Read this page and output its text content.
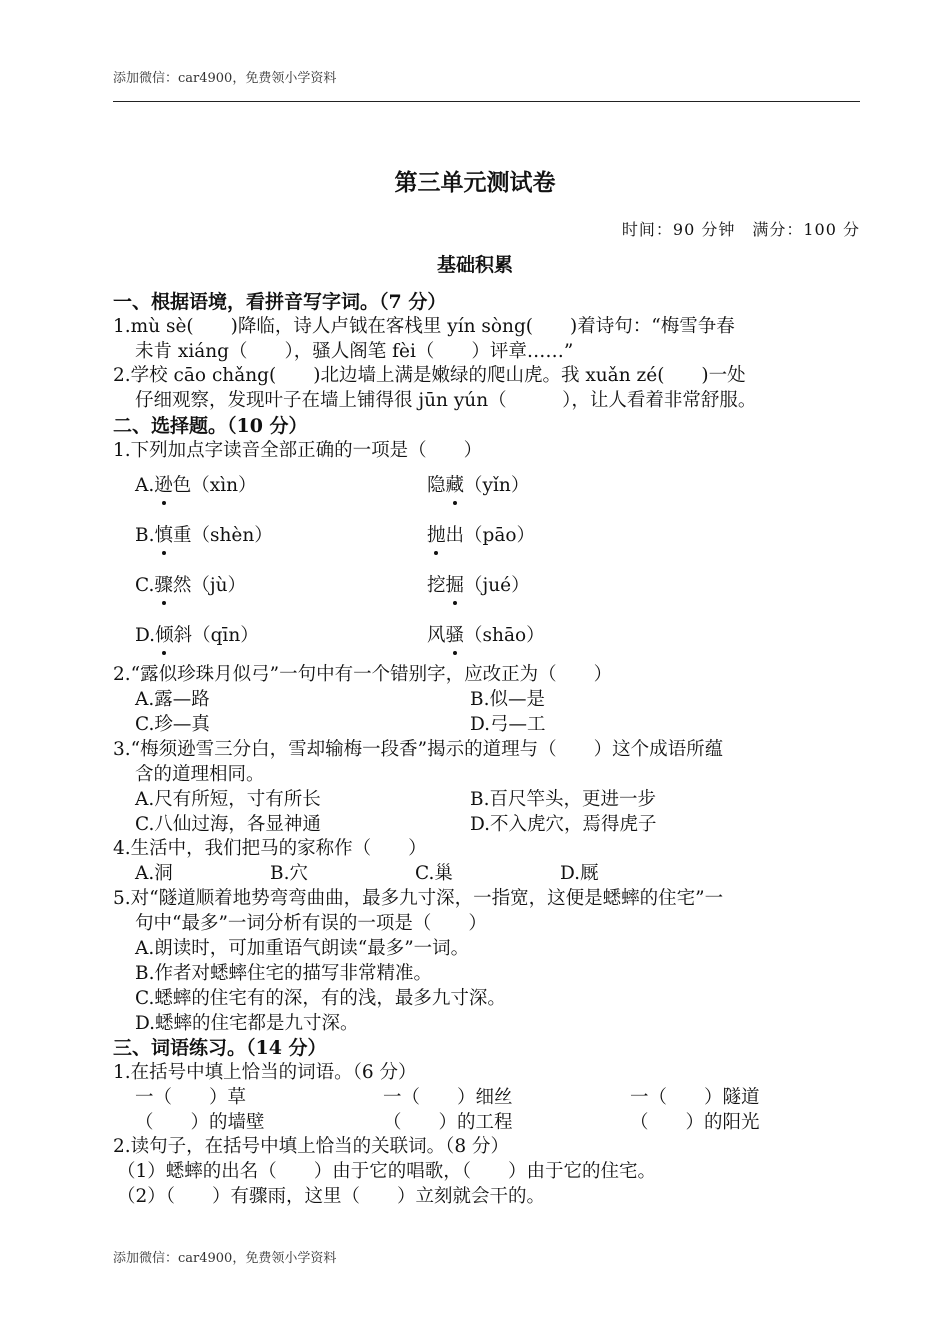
添加微信：car4900，免费领小学资料
第三单元测试卷
时间：90 分钟　满分：100 分
基础积累
一、根据语境，看拼音写字词。（7 分）
1.mù sè(　　)降临，诗人卢钺在客栈里 yín sòng(　　)着诗句：“梅雪争春
未肯 xiáng（　　），骚人阁笔 fèi（　　）评章……”
2.学校 cāo chǎng(　　)北边墙上满是嫩绿的爬山虎。我 xuǎn zé(　　)一处
仔细观察，发现叶子在墙上铺得很 jūn yún（　　　），让人看着非常舒服。
二、选择题。（10 分）
1.下列加点字读音全部正确的一项是（　　）
A.逊色（xìn）	隐藏（yǐn）
B.慎重（shèn）	抛出（pāo）
C.骤然（jù）	挖掘（jué）
D.倾斜（qīn）	风骚（shāo）
2.“露似珍珠月似弓”一句中有一个错别字，应改正为（　　）
A.露—路	B.似—是
C.珍—真	D.弓—工
3.“梅须逊雪三分白，雪却输梅一段香”揭示的道理与（　　）这个成语所蕴
含的道理相同。
A.尺有所短，寸有所长	B.百尺竿头，更进一步
C.八仙过海，各显神通	D.不入虎穴，焉得虎子
4.生活中，我们把马的家称作（　　）
A.洞	B.穴	C.巢	D.厩
5.对“隧道顺着地势弯弯曲曲，最多九寸深，一指宽，这便是蟋蟀的住宅”一
句中“最多”一词分析有误的一项是（　　）
A.朗读时，可加重语气朗读“最多”一词。
B.作者对蟋蟀住宅的描写非常精准。
C.蟋蟀的住宅有的深，有的浅，最多九寸深。
D.蟋蟀的住宅都是九寸深。
三、词语练习。（14 分）
1.在括号中填上恰当的词语。（6 分）
一（　　）草	一（　　）细丝	一（　　）隧道
（　　）的墙壁	（　　）的工程	（　　）的阳光
2.读句子，在括号中填上恰当的关联词。（8 分）
（1）蟋蟀的出名（　　）由于它的唱歌，（　　）由于它的住宅。
（2）（　　）有骤雨，这里（　　）立刻就会干的。
添加微信：car4900，免费领小学资料
